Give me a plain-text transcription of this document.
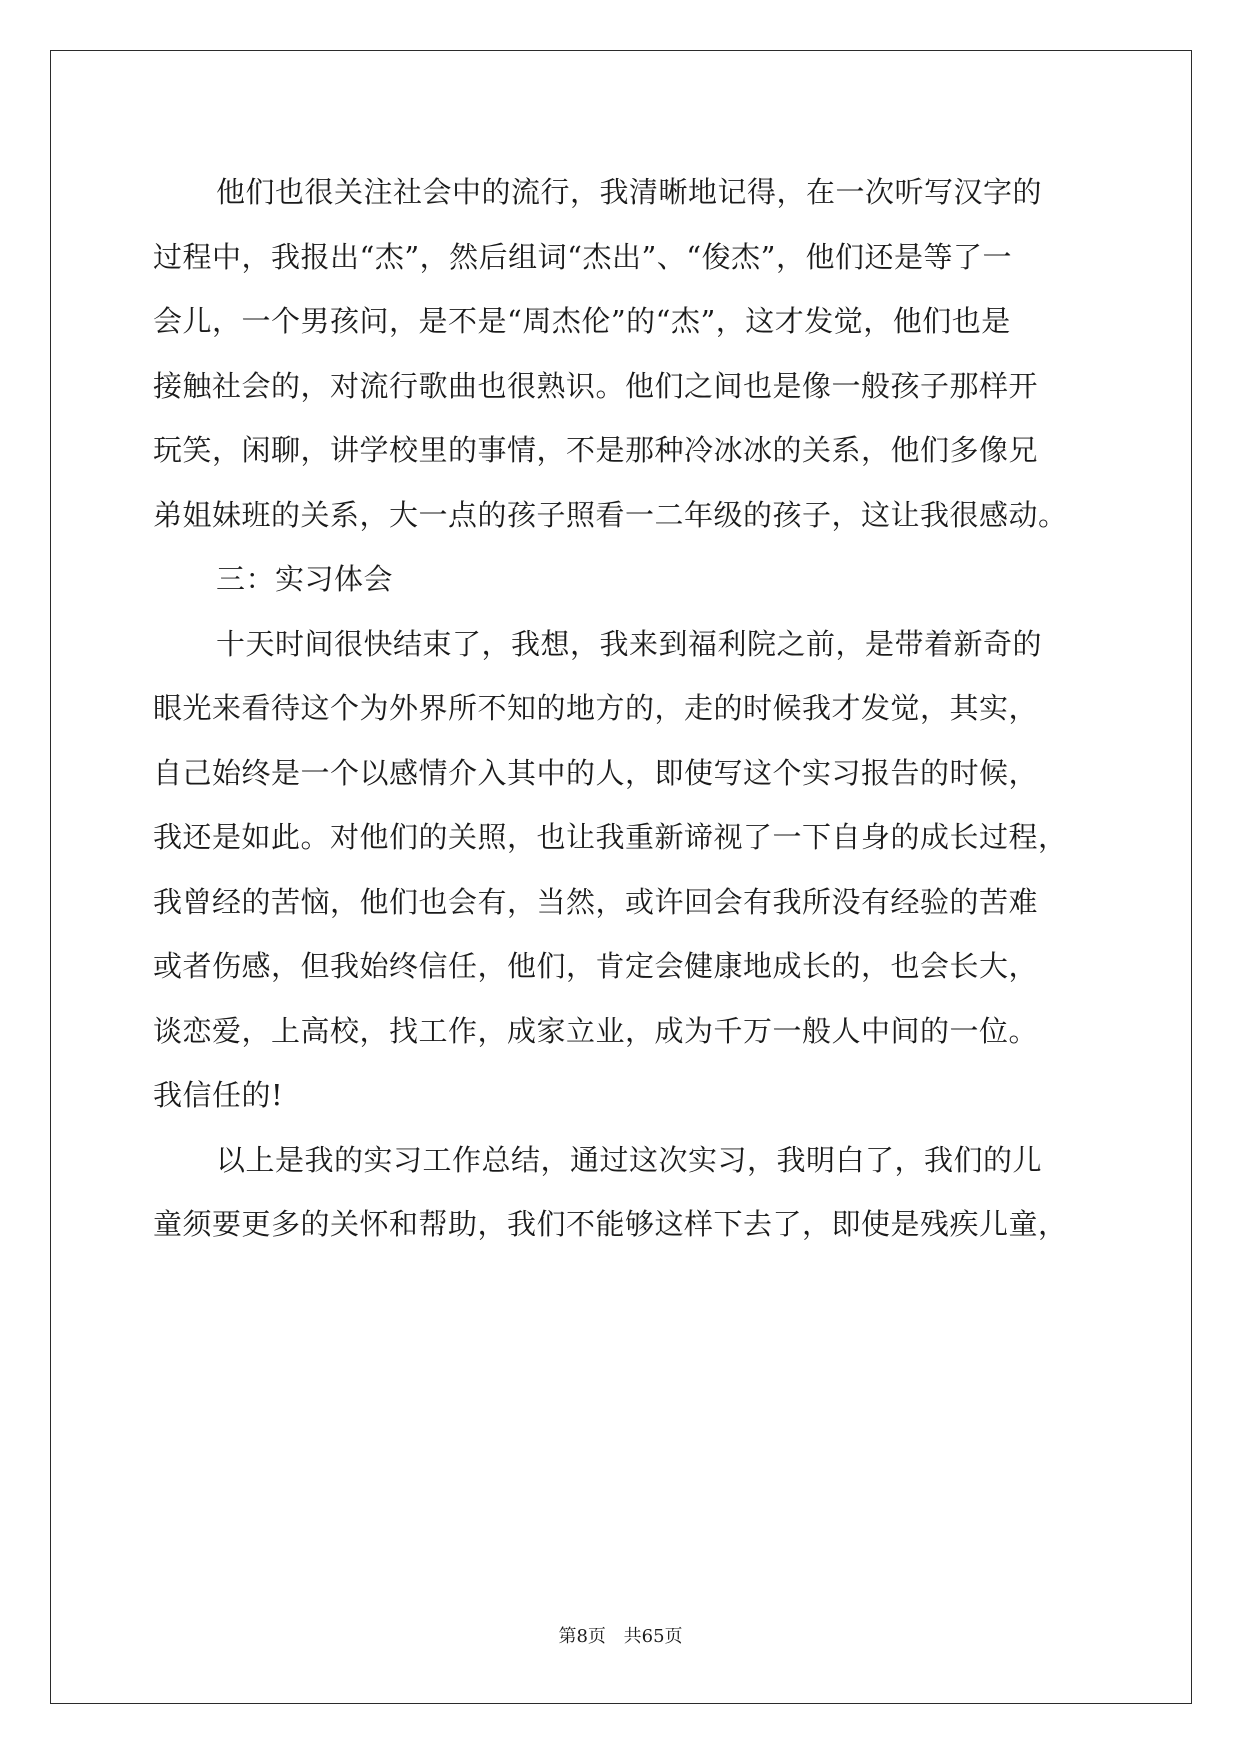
他们也很关注社会中的流行，我清晰地记得，在一次听写汉字的
过程中，我报出“杰”，然后组词“杰出”、“俊杰”，他们还是等了一
会儿，一个男孩问，是不是“周杰伦”的“杰”，这才发觉，他们也是
接触社会的，对流行歌曲也很熟识。他们之间也是像一般孩子那样开
玩笑，闲聊，讲学校里的事情，不是那种冷冰冰的关系，他们多像兄
弟姐妹班的关系，大一点的孩子照看一二年级的孩子，这让我很感动。
三：实习体会
十天时间很快结束了，我想，我来到福利院之前，是带着新奇的
眼光来看待这个为外界所不知的地方的，走的时候我才发觉，其实，
自己始终是一个以感情介入其中的人，即使写这个实习报告的时候，
我还是如此。对他们的关照，也让我重新谛视了一下自身的成长过程，
我曾经的苦恼，他们也会有，当然，或许回会有我所没有经验的苦难
或者伤感，但我始终信任，他们，肯定会健康地成长的，也会长大，
谈恋爱，上高校，找工作，成家立业，成为千万一般人中间的一位。
我信任的!
以上是我的实习工作总结，通过这次实习，我明白了，我们的儿
童须要更多的关怀和帮助，我们不能够这样下去了，即使是残疾儿童，
第8页 共65页
